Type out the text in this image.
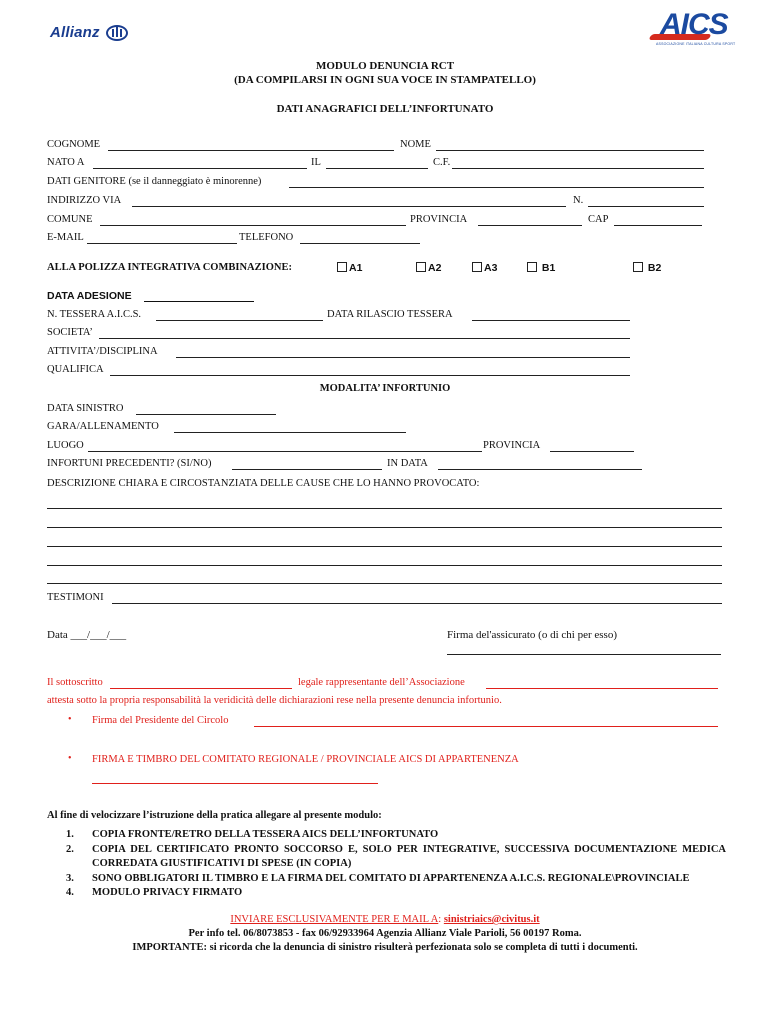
Allianz	AICS
ASSOCIAZIONE ITALIANA CULTURA SPORT
MODULO DENUNCIA RCT
(DA COMPILARSI IN OGNI SUA VOCE IN STAMPATELLO)
DATI ANAGRAFICI DELL’INFORTUNATO
COGNOME	NOME
NATO A	IL	C.F.
DATI GENITORE (se il danneggiato è minorenne)
INDIRIZZO VIA	N.
COMUNE	PROVINCIA	CAP
E-MAIL	TELEFONO
ALLA POLIZZA INTEGRATIVA COMBINAZIONE:	A1	A2	A3	B1	B2
DATA ADESIONE
N. TESSERA A.I.C.S.	DATA RILASCIO TESSERA
SOCIETA’
ATTIVITA’/DISCIPLINA
QUALIFICA
MODALITA’ INFORTUNIO
DATA SINISTRO
GARA/ALLENAMENTO
LUOGO	PROVINCIA
INFORTUNI PRECEDENTI? (SI/NO)	IN DATA
DESCRIZIONE CHIARA E CIRCOSTANZIATA DELLE CAUSE CHE LO HANNO PROVOCATO:
TESTIMONI
Data ___/___/___	Firma del'assicurato (o di chi per esso)
Il sottoscritto	legale rappresentante dell’Associazione
attesta sotto la propria responsabilità la veridicità delle dichiarazioni rese nella presente denuncia infortunio.
• Firma del Presidente del Circolo
• FIRMA E TIMBRO DEL COMITATO REGIONALE / PROVINCIALE AICS DI APPARTENENZA
Al fine di velocizzare l’istruzione della pratica allegare al presente modulo:
1.	COPIA FRONTE/RETRO DELLA TESSERA AICS DELL’INFORTUNATO
2.	COPIA DEL CERTIFICATO PRONTO SOCCORSO E, SOLO PER INTEGRATIVE, SUCCESSIVA DOCUMENTAZIONE MEDICA CORREDATA GIUSTIFICATIVI DI SPESE (IN COPIA)
3.	SONO OBBLIGATORI IL TIMBRO E LA FIRMA DEL COMITATO DI APPARTENENZA A.I.C.S. REGIONALE\PROVINCIALE
4.	MODULO PRIVACY FIRMATO
INVIARE ESCLUSIVAMENTE PER E MAIL A: sinistriaics@civitus.it
Per info tel. 06/8073853 - fax 06/92933964 Agenzia Allianz Viale Parioli, 56 00197 Roma.
IMPORTANTE: si ricorda che la denuncia di sinistro risulterà perfezionata solo se completa di tutti i documenti.
